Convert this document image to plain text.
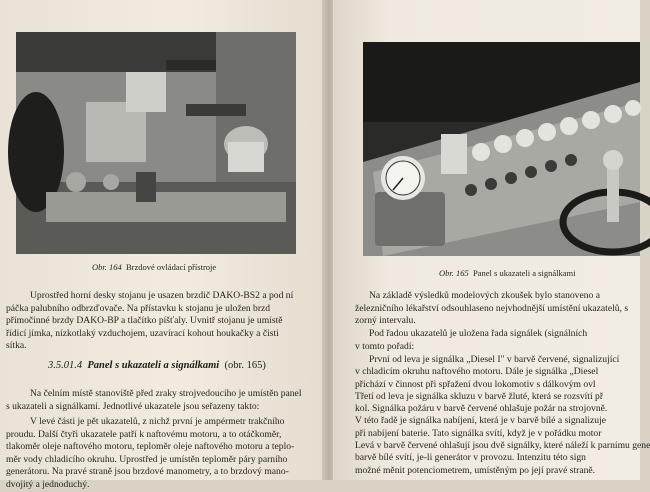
Obr. 164 Brzdové ovládací přístroje

Uprostřed horní desky stojanu je usazen brzdič DAKO-BS2 a pod ní

páčka palubního odbrzďovače. Na přístavku k stojanu je uložen brzd

přímočinné brzdy DAKO-BP a tlačítko píšťaly. Uvnitř stojanu je umístě

řídicí jímka, nízkotlaký vzduchojem, uzavírací kohout houkačky a čisti

sítka.

3.5.01.4 Panel s ukazateli a signálkami (obr. 165)

Na čelním místě stanoviště před zraky strojvedoucího je umístěn panel

s ukazateli a signálkami. Jednotlivé ukazatele jsou seřazeny takto:

V levé části je pět ukazatelů, z nichž první je ampérmetr trakčního

proudu. Další čtyři ukazatele patří k naftovému motoru, a to otáčkoměr,

tlakoměr oleje naftového motoru, teploměr oleje naftového motoru a teplo-

měr vody chladicího okruhu. Uprostřed je umístěn teploměr páry parního

generátoru. Na pravé straně jsou brzdové manometry, a to brzdový mano-

dvojitý a jednoduchý.

Obr. 165 Panel s ukazateli a signálkami

Na základě výsledků modelových zkoušek bylo stanoveno a

železničního lékařství odsouhlaseno nejvhodnější umístění ukazatelů, s

zorný intervalu.

Pod řadou ukazatelů je uložena řada signálek (signálních

v tomto pořadí:

První od leva je signálka „Diesel I" v barvě červené, signalizující

v chladicím okruhu naftového motoru. Dále je signálka „Diesel

přichází v činnost při spřažení dvou lokomotiv s dálkovým ovl

Třetí od leva je signálka skluzu v barvě žluté, která se rozsvítí př

kol. Signálka požáru v barvě červené ohlašuje požár na strojovně.

V této řadě je signálka nabíjení, která je v barvě bílé a signalizuje

při nabíjení baterie. Tato signálka svítí, když je v pořádku motor

Levá v barvě červené ohlašují jsou dvě signálky, které náleží k parnímu gene

barvě bílé svítí, je-li generátor v provozu. Intenzitu této sign

možné měnit potenciometrem, umístěným po její pravé straně.
